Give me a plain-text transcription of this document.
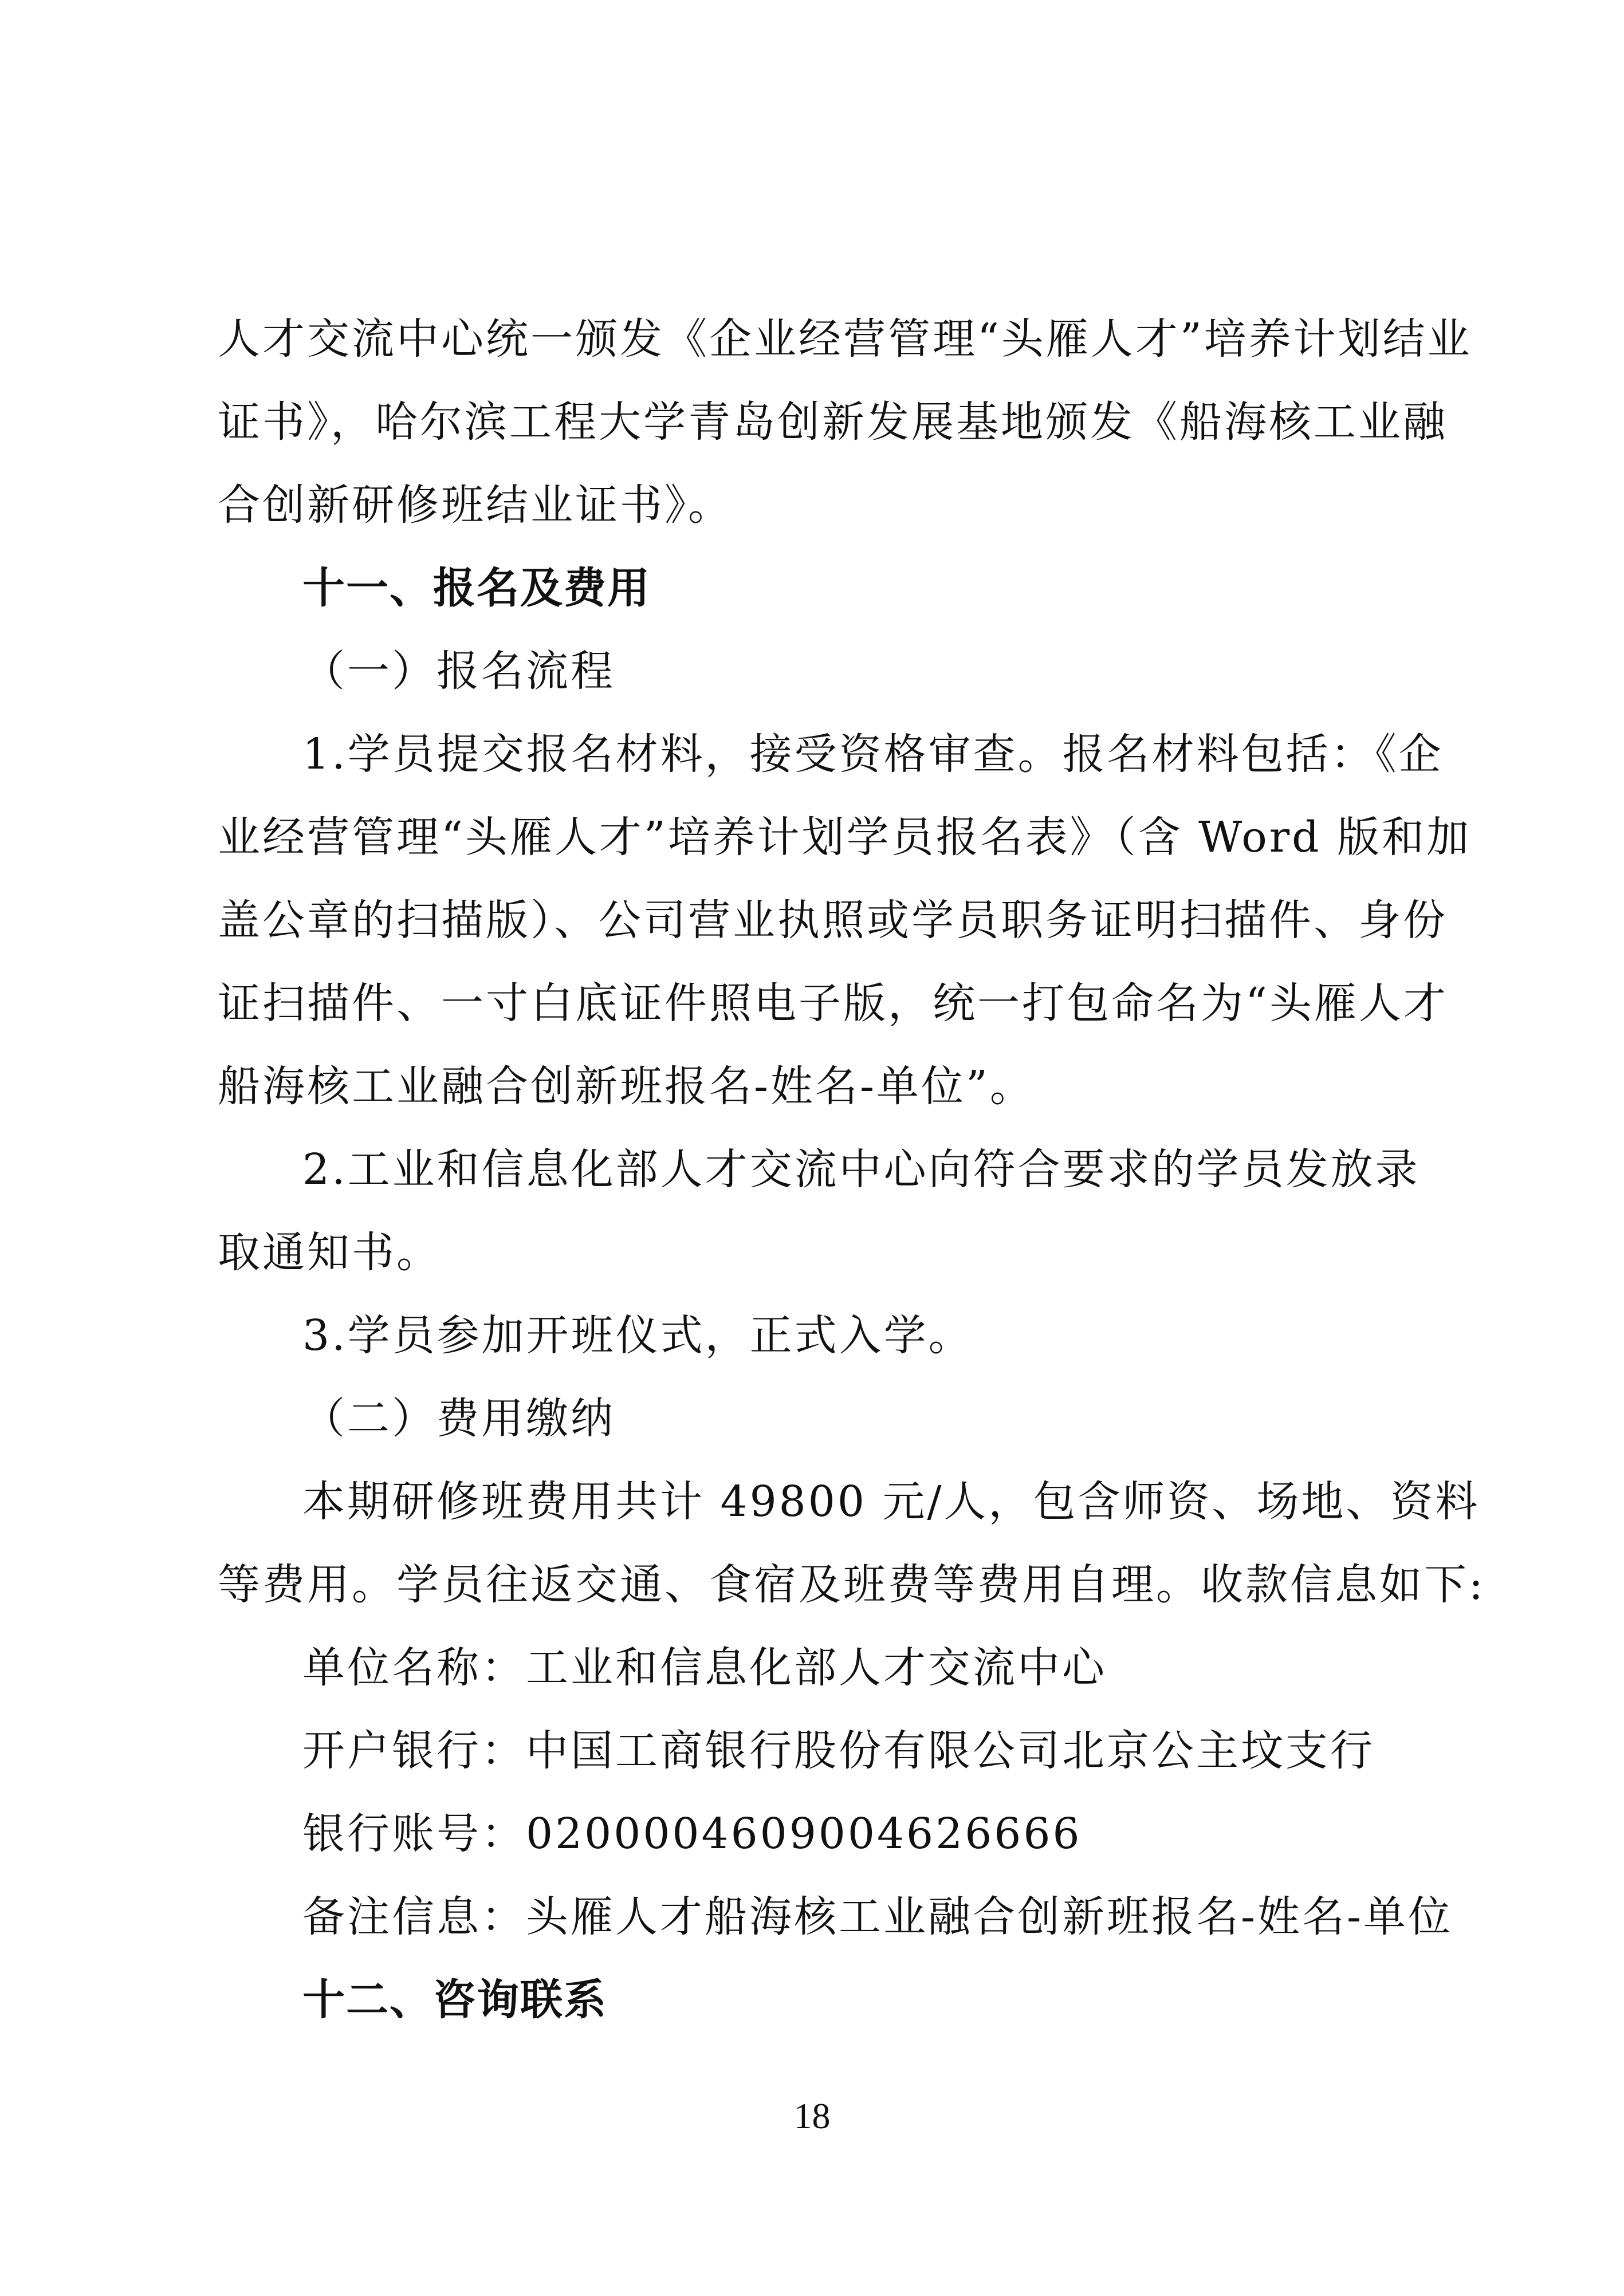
人才交流中心统一颁发《企业经营管理“头雁人才”培养计划结业
证书》，哈尔滨工程大学青岛创新发展基地颁发《船海核工业融
合创新研修班结业证书》。
十一、报名及费用
（一）报名流程
1.学员提交报名材料，接受资格审查。报名材料包括：《企
业经营管理“头雁人才”培养计划学员报名表》（含 Word 版和加
盖公章的扫描版）、公司营业执照或学员职务证明扫描件、身份
证扫描件、一寸白底证件照电子版，统一打包命名为“头雁人才
船海核工业融合创新班报名-姓名-单位”。
2.工业和信息化部人才交流中心向符合要求的学员发放录
取通知书。
3.学员参加开班仪式，正式入学。
（二）费用缴纳
本期研修班费用共计 49800 元/人，包含师资、场地、资料
等费用。学员往返交通、食宿及班费等费用自理。收款信息如下:
单位名称：工业和信息化部人才交流中心
开户银行：中国工商银行股份有限公司北京公主坟支行
银行账号：0200004609004626666
备注信息：头雁人才船海核工业融合创新班报名-姓名-单位
十二、咨询联系
18
